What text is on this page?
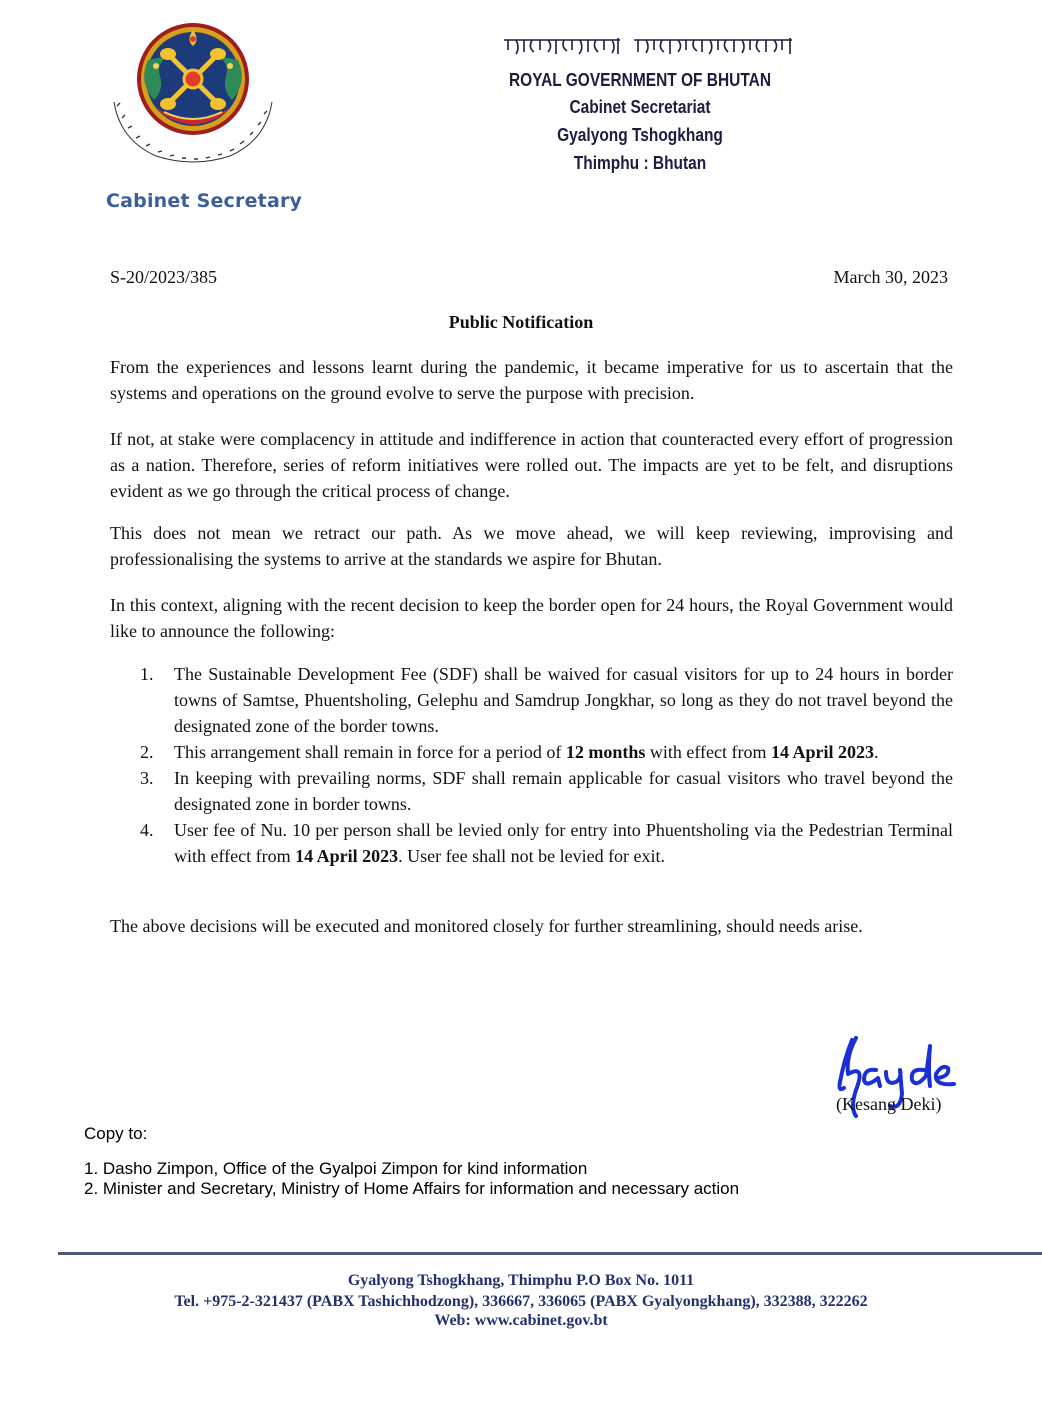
Cabinet Secretary
ROYAL GOVERNMENT OF BHUTAN
Cabinet Secretariat
Gyalyong Tshogkhang
Thimphu : Bhutan
S-20/2023/385	March 30, 2023
Public Notification

From the experiences and lessons learnt during the pandemic, it became imperative for us to ascertain that the systems and operations on the ground evolve to serve the purpose with precision.

If not, at stake were complacency in attitude and indifference in action that counteracted every effort of progression as a nation. Therefore, series of reform initiatives were rolled out. The impacts are yet to be felt, and disruptions evident as we go through the critical process of change.

This does not mean we retract our path. As we move ahead, we will keep reviewing, improvising and professionalising the systems to arrive at the standards we aspire for Bhutan.

In this context, aligning with the recent decision to keep the border open for 24 hours, the Royal Government would like to announce the following:

1. The Sustainable Development Fee (SDF) shall be waived for casual visitors for up to 24 hours in border towns of Samtse, Phuentsholing, Gelephu and Samdrup Jongkhar, so long as they do not travel beyond the designated zone of the border towns.
2. This arrangement shall remain in force for a period of 12 months with effect from 14 April 2023.
3. In keeping with prevailing norms, SDF shall remain applicable for casual visitors who travel beyond the designated zone in border towns.
4. User fee of Nu. 10 per person shall be levied only for entry into Phuentsholing via the Pedestrian Terminal with effect from 14 April 2023. User fee shall not be levied for exit.

The above decisions will be executed and monitored closely for further streamlining, should needs arise.

(Kesang Deki)
Copy to:
1. Dasho Zimpon, Office of the Gyalpoi Zimpon for kind information
2. Minister and Secretary, Ministry of Home Affairs for information and necessary action
Gyalyong Tshogkhang, Thimphu P.O Box No. 1011
Tel. +975-2-321437 (PABX Tashichhodzong), 336667, 336065 (PABX Gyalyongkhang), 332388, 322262
Web: www.cabinet.gov.bt
